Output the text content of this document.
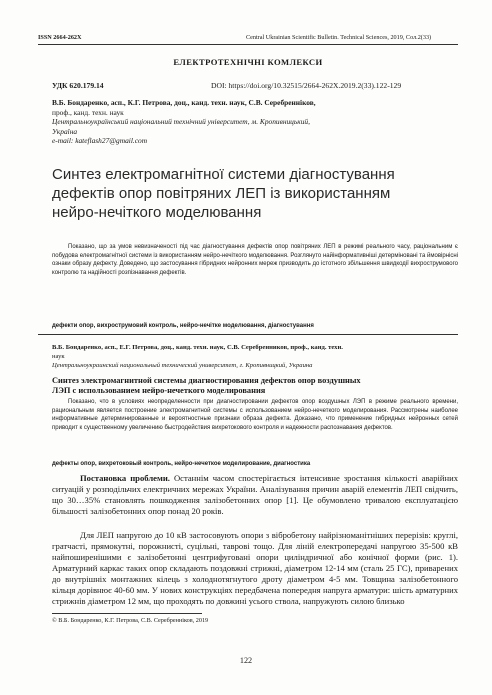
ISSN 2664-262X	Central Ukrainian Scientific Bulletin. Technical Sciences, 2019, Сол.2(33)
ЕЛЕКТРОТЕХНІЧНІ КОМЛЕКСИ
УДК 620.179.14	DOI: https://doi.org/10.32515/2664-262X.2019.2(33).122-129
В.Б. Бондаренко, асп., К.Г. Петрова, доц., канд. техн. наук, С.В. Серебренніков,
проф., канд. техн. наук
Центральноукраїнський національний технічний університет, м. Кропивницький,
Україна
e-mail: kateflash27@gmail.com
Синтез електромагнітної системи діагностування
дефектів опор повітряних ЛЕП із використанням
нейро-нечіткого моделювання
Показано, що за умов невизначеності під час діагностування дефектів опор повітряних ЛЕП в режимі реального часу, раціональним є побудова електромагнітної системи із використанням нейро-нечіткого моделювання. Розглянуто найінформативніші детерміновані та ймовірнісні ознаки образу дефекту. Доведено, що застосування гібридних нейронних мереж призводить до істотного збільшення швидкодії вихрострумового контролю та надійності розпізнавання дефектів.
дефекти опор, вихрострумовий контроль, нейро-нечітке моделювання, діагностування
В.Б. Бондаренко, асп., Е.Г. Петрова, доц., канд. техн. наук, С.В. Серебренников, проф., канд. техн.
наук
Центральноукраинский национальный технический университет, г. Кропивницкий, Украина
Синтез электромагнитной системы диагностирования дефектов опор воздушных
ЛЭП с использованием нейро-нечеткого моделирования
Показано, что в условиях неопределенности при диагностировании дефектов опор воздушных ЛЭП в режиме реального времени, рациональным является построение электромагнитной системы с использованием нейро-нечеткого моделирования. Рассмотрены наиболее информативные детерминированные и вероятностные признаки образа дефекта. Доказано, что применение гибридных нейронных сетей приводит к существенному увеличению быстродействия вихретокового контроля и надежности распознавания дефектов.
дефекты опор, вихретоковый контроль, нейро-нечеткое моделирование, диагностика
Постановка проблеми. Останнім часом спостерігається інтенсивне зростання кількості аварійних ситуацій у розподільчих електричних мережах України. Аналізування причин аварій елементів ЛЕП свідчить, що 30…35% становлять пошкодження залізобетонних опор [1]. Це обумовлено тривалою експлуатацією більшості залізобетонних опор понад 20 років.
Для ЛЕП напругою до 10 кВ застосовують опори з вібробетону найрізноманітніших перерізів: круглі, гратчасті, прямокутні, порожнисті, суцільні, таврові тощо. Для ліній електропередачі напругою 35-500 кВ найпоширенішими є залізобетонні центрифуговані опори циліндричної або конічної форми (рис. 1). Арматурний каркас таких опор складають поздовжні стрижні, діаметром 12-14 мм (сталь 25 ГС), приварених до внутрішніх монтажних кілець з холоднотягнутого дроту діаметром 4-5 мм. Товщина залізобетонного кільця дорівнює 40-60 мм. У нових конструкціях передбачена попередня напруга арматури: шість арматурних стрижнів діаметром 12 мм, що проходять по довжині усього ствола, напружують силою близько
© В.Б. Бондаренко, К.Г. Петрова, С.В. Серебренніков, 2019
122
